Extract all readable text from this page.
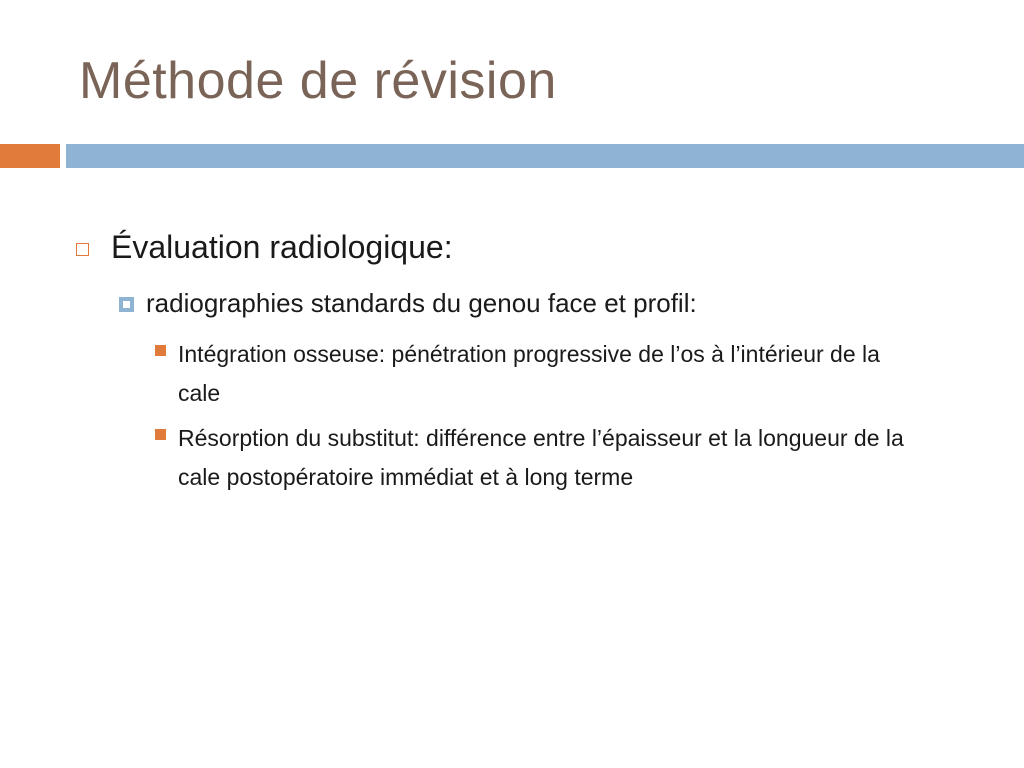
Méthode de révision
Évaluation radiologique:
radiographies standards du genou face et profil:
Intégration osseuse: pénétration progressive de l’os à l’intérieur de la cale
Résorption du substitut: différence entre l’épaisseur et la longueur de la cale postopératoire immédiat et à long terme
